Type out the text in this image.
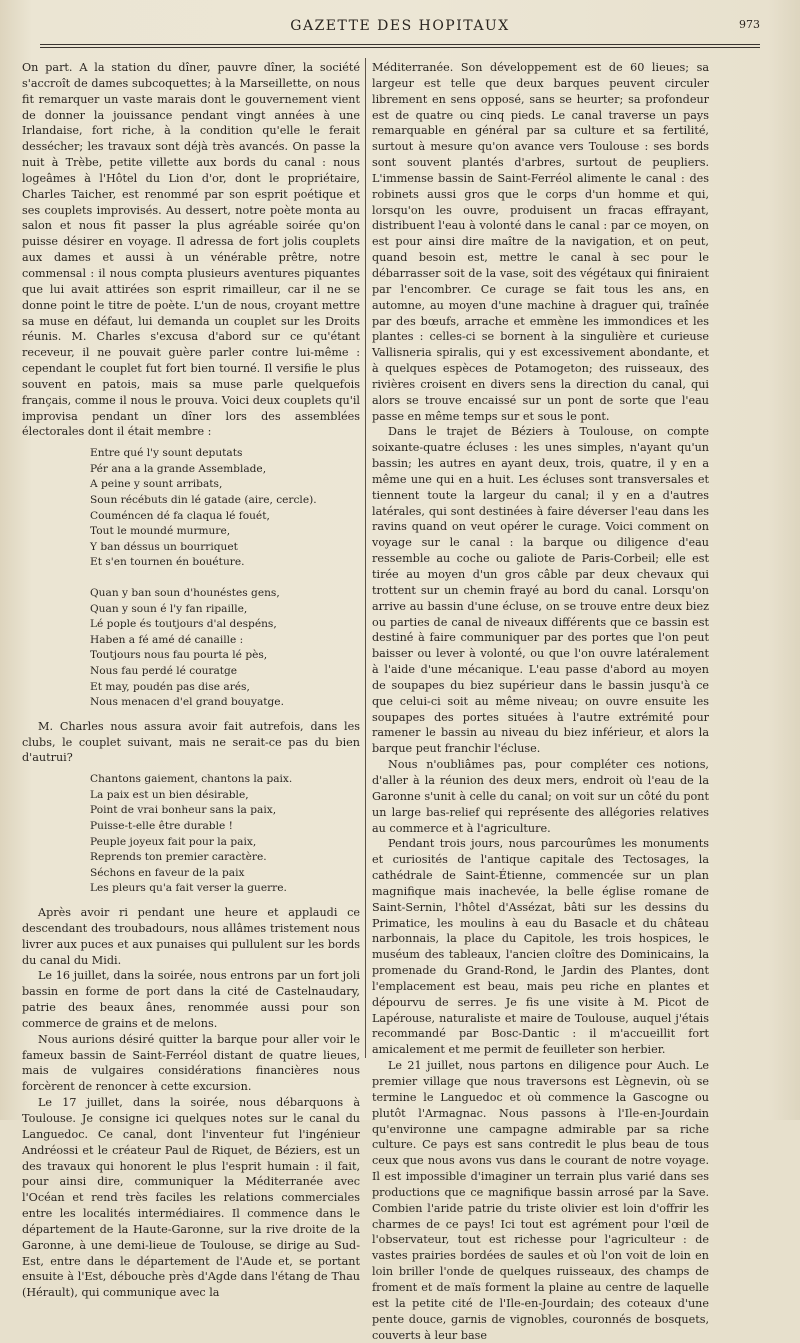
GAZETTE DES HOPITAUX	973

On part. A la station du dîner, pauvre dîner, la société s'accroît de dames subcoquettes; à la Marseillette, on nous fit remarquer un vaste marais dont le gouvernement vient de donner la jouissance pendant vingt années à une Irlandaise, fort riche, à la condition qu'elle le ferait dessécher; les travaux sont déjà très avancés. On passe la nuit à Trèbe, petite villette aux bords du canal : nous logeâmes à l'Hôtel du Lion d'or, dont le propriétaire, Charles Taicher, est renommé par son esprit poétique et ses couplets improvisés. Au dessert, notre poète monta au salon et nous fit passer la plus agréable soirée qu'on puisse désirer en voyage. Il adressa de fort jolis couplets aux dames et aussi à un vénérable prêtre, notre commensal : il nous compta plusieurs aventures piquantes que lui avait attirées son esprit rimailleur, car il ne se donne point le titre de poète. L'un de nous, croyant mettre sa muse en défaut, lui demanda un couplet sur les Droits réunis. M. Charles s'excusa d'abord sur ce qu'étant receveur, il ne pouvait guère parler contre lui-même : cependant le couplet fut fort bien tourné. Il versifie le plus souvent en patois, mais sa muse parle quelquefois français, comme il nous le prouva. Voici deux couplets qu'il improvisa pendant un dîner lors des assemblées électorales dont il était membre :

Entre qué l'y sount deputats
Pér ana a la grande Assemblade,
A peine y sount arribats,
Soun récébuts din lé gatade (aire, cercle).
Couméncen dé fa claqua lé fouét,
Tout le moundé murmure,
Y ban déssus un bourriquet
Et s'en tournen én bouéture.
Quan y ban soun d'hounéstes gens,
Quan y soun é l'y fan ripaille,
Lé pople és toutjours d'al despéns,
Haben a fé amé dé canaille :
Toutjours nous fau pourta lé pès,
Nous fau perdé lé couratge
Et may, poudén pas dise arés,
Nous menacen d'el grand bouyatge.

M. Charles nous assura avoir fait autrefois, dans les clubs, le couplet suivant, mais ne serait-ce pas du bien d'autrui?

Chantons gaiement, chantons la paix.
La paix est un bien désirable,
Point de vrai bonheur sans la paix,
Puisse-t-elle être durable !
Peuple joyeux fait pour la paix,
Reprends ton premier caractère.
Séchons en faveur de la paix
Les pleurs qu'a fait verser la guerre.

Après avoir ri pendant une heure et applaudi ce descendant des troubadours, nous allâmes tristement nous livrer aux puces et aux punaises qui pullulent sur les bords du canal du Midi.

Le 16 juillet, dans la soirée, nous entrons par un fort joli bassin en forme de port dans la cité de Castelnaudary, patrie des beaux ânes, renommée aussi pour son commerce de grains et de melons.

Nous aurions désiré quitter la barque pour aller voir le fameux bassin de Saint-Ferréol distant de quatre lieues, mais de vulgaires considérations financières nous forcèrent de renoncer à cette excursion.

Le 17 juillet, dans la soirée, nous débarquons à Toulouse. Je consigne ici quelques notes sur le canal du Languedoc. Ce canal, dont l'inventeur fut l'ingénieur Andréossi et le créateur Paul de Riquet, de Béziers, est un des travaux qui honorent le plus l'esprit humain : il fait, pour ainsi dire, communiquer la Méditerranée avec l'Océan et rend très faciles les relations commerciales entre les localités intermédiaires. Il commence dans le département de la Haute-Garonne, sur la rive droite de la Garonne, à une demi-lieue de Toulouse, se dirige au Sud-Est, entre dans le département de l'Aude et, se portant ensuite à l'Est, débouche près d'Agde dans l'étang de Thau (Hérault), qui communique avec la

Méditerranée. Son développement est de 60 lieues; sa largeur est telle que deux barques peuvent circuler librement en sens opposé, sans se heurter; sa profondeur est de quatre ou cinq pieds. Le canal traverse un pays remarquable en général par sa culture et sa fertilité, surtout à mesure qu'on avance vers Toulouse : ses bords sont souvent plantés d'arbres, surtout de peupliers. L'immense bassin de Saint-Ferréol alimente le canal : des robinets aussi gros que le corps d'un homme et qui, lorsqu'on les ouvre, produisent un fracas effrayant, distribuent l'eau à volonté dans le canal : par ce moyen, on est pour ainsi dire maître de la navigation, et on peut, quand besoin est, mettre le canal à sec pour le débarrasser soit de la vase, soit des végétaux qui finiraient par l'encombrer. Ce curage se fait tous les ans, en automne, au moyen d'une machine à draguer qui, traînée par des bœufs, arrache et emmène les immondices et les plantes : celles-ci se bornent à la singulière et curieuse Vallisneria spiralis, qui y est excessivement abondante, et à quelques espèces de Potamogeton; des ruisseaux, des rivières croisent en divers sens la direction du canal, qui alors se trouve encaissé sur un pont de sorte que l'eau passe en même temps sur et sous le pont.

Dans le trajet de Béziers à Toulouse, on compte soixante-quatre écluses : les unes simples, n'ayant qu'un bassin; les autres en ayant deux, trois, quatre, il y en a même une qui en a huit. Les écluses sont transversales et tiennent toute la largeur du canal; il y en a d'autres latérales, qui sont destinées à faire déverser l'eau dans les ravins quand on veut opérer le curage. Voici comment on voyage sur le canal : la barque ou diligence d'eau ressemble au coche ou galiote de Paris-Corbeil; elle est tirée au moyen d'un gros câble par deux chevaux qui trottent sur un chemin frayé au bord du canal. Lorsqu'on arrive au bassin d'une écluse, on se trouve entre deux biez ou parties de canal de niveaux différents que ce bassin est destiné à faire communiquer par des portes que l'on peut baisser ou lever à volonté, ou que l'on ouvre latéralement à l'aide d'une mécanique. L'eau passe d'abord au moyen de soupapes du biez supérieur dans le bassin jusqu'à ce que celui-ci soit au même niveau; on ouvre ensuite les soupapes des portes situées à l'autre extrémité pour ramener le bassin au niveau du biez inférieur, et alors la barque peut franchir l'écluse.

Nous n'oubliâmes pas, pour compléter ces notions, d'aller à la réunion des deux mers, endroit où l'eau de la Garonne s'unit à celle du canal; on voit sur un côté du pont un large bas-relief qui représente des allégories relatives au commerce et à l'agriculture.

Pendant trois jours, nous parcourûmes les monuments et curiosités de l'antique capitale des Tectosages, la cathédrale de Saint-Étienne, commencée sur un plan magnifique mais inachevée, la belle église romane de Saint-Sernin, l'hôtel d'Assézat, bâti sur les dessins du Primatice, les moulins à eau du Basacle et du château narbonnais, la place du Capitole, les trois hospices, le muséum des tableaux, l'ancien cloître des Dominicains, la promenade du Grand-Rond, le Jardin des Plantes, dont l'emplacement est beau, mais peu riche en plantes et dépourvu de serres. Je fis une visite à M. Picot de Lapérouse, naturaliste et maire de Toulouse, auquel j'étais recommandé par Bosc-Dantic : il m'accueillit fort amicalement et me permit de feuilleter son herbier.

Le 21 juillet, nous partons en diligence pour Auch. Le premier village que nous traversons est Lègnevin, où se termine le Languedoc et où commence la Gascogne ou plutôt l'Armagnac. Nous passons à l'Ile-en-Jourdain qu'environne une campagne admirable par sa riche culture. Ce pays est sans contredit le plus beau de tous ceux que nous avons vus dans le courant de notre voyage. Il est impossible d'imaginer un terrain plus varié dans ses productions que ce magnifique bassin arrosé par la Save. Combien l'aride patrie du triste olivier est loin d'offrir les charmes de ce pays! Ici tout est agrément pour l'œil de l'observateur, tout est richesse pour l'agriculteur : de vastes prairies bordées de saules et où l'on voit de loin en loin briller l'onde de quelques ruisseaux, des champs de froment et de maïs forment la plaine au centre de laquelle est la petite cité de l'Ile-en-Jourdain; des coteaux d'une pente douce, garnis de vignobles, couronnés de bosquets, couverts à leur base
